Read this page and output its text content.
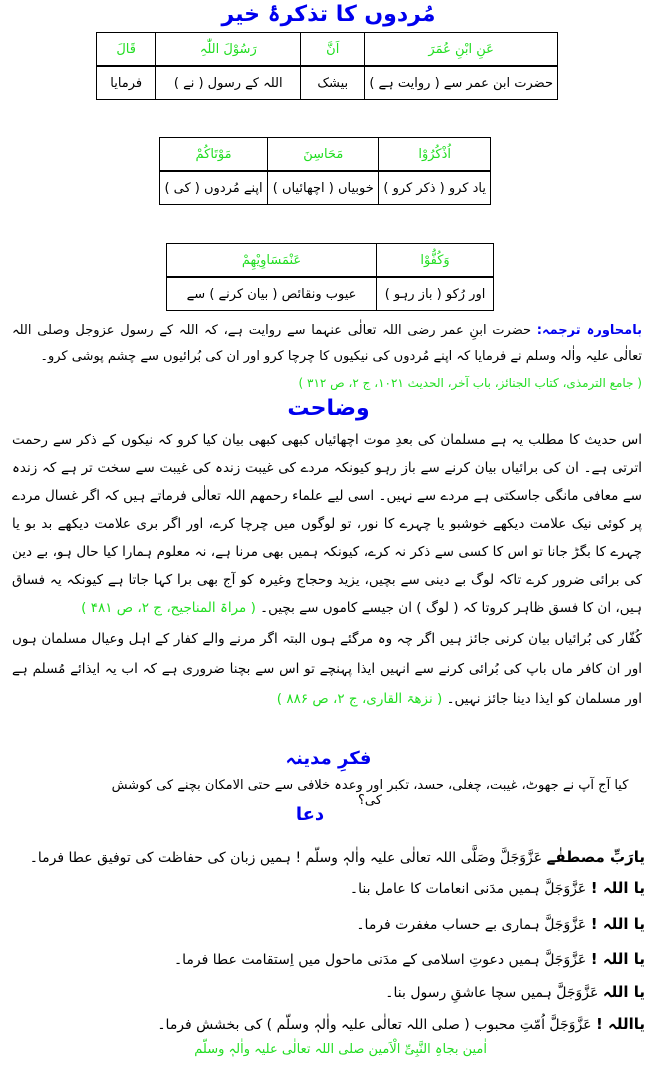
مُردوں کا تذکرۂ خیر
عَنِ ابْنِ عُمَرَ	اَنَّ	رَسُوْلَ اللّٰہِ	قَالَ
حضرت ابن عمر سے ( روایت ہے )	بیشک	اللہ کے رسول ( نے )	فرمایا
اُذْکُرُوْا	مَحَاسِنَ	مَوْتَاکُمْ
یاد کرو ( ذکر کرو )	خوبیاں ( اچھائیاں )	اپنے مُردوں ( کی )
وَکُفُّوْا	عَنْمَسَاوِیْھِمْ
اور رُکو ( باز رہو )	عیوب ونقائص ( بیان کرنے ) سے
بامحاورہ ترجمہ: حضرت ابنِ عمر رضی اللہ تعالٰی عنہما سے روایت ہے، کہ اللہ کے رسول عزوجل وصلی اللہ تعالٰی علیہ واٰلہ وسلم نے فرمایا کہ اپنے مُردوں کی نیکیوں کا چرچا کرو اور ان کی بُرائیوں سے چشم پوشی کرو۔
( جامع الترمذی، کتاب الجنائز، باب آخر، الحدیث ۱۰۲۱، ج ۲، ص ۳۱۲ )
وضاحت
اس حدیث کا مطلب یہ ہے مسلمان کی بعدِ موت اچھائیاں کبھی کبھی بیان کیا کرو کہ نیکوں کے ذکر سے رحمت اترتی ہے۔ ان کی برائیاں بیان کرنے سے باز رہو کیونکہ مردے کی غیبت زندہ کی غیبت سے سخت تر ہے کہ زندہ سے معافی مانگی جاسکتی ہے مردے سے نہیں۔ اسی لیے علماء رحمھم اللہ تعالٰی فرماتے ہیں کہ اگر غسال مردے پر کوئی نیک علامت دیکھے خوشبو یا چہرے کا نور، تو لوگوں میں چرچا کرے، اور اگر بری علامت دیکھے بد بو یا چہرے کا بگڑ جانا تو اس کا کسی سے ذکر نہ کرے، کیونکہ ہمیں بھی مرنا ہے، نہ معلوم ہمارا کیا حال ہو، بے دین کی برائی ضرور کرے تاکہ لوگ بے دینی سے بچیں، یزید وحجاج وغیرہ کو آج بھی برا کہا جاتا ہے کیونکہ یہ فساق ہیں، ان کا فسق ظاہر کروتا کہ ( لوگ ) ان جیسے کاموں سے بچیں۔ ( مراۃ المناجیح، ج ۲، ص ۴۸۱ )
کُفّار کی بُرائیاں بیان کرنی جائز ہیں اگر چہ وہ مرگئے ہوں البتہ اگر مرنے والے کفار کے اہل وعیال مسلمان ہوں اور ان کافر ماں باپ کی بُرائی کرنے سے انہیں ایذا پہنچے تو اس سے بچنا ضروری ہے کہ اب یہ ایذائے مُسلم ہے اور مسلمان کو ایذا دینا جائز نہیں۔ ( نزھۃ القاری، ج ۲، ص ۸۸۶ )
فکرِ مدینہ
کیا آج آپ نے جھوٹ، غیبت، چغلی، حسد، تکبر اور وعدہ خلافی سے حتی الامکان بچنے کی کوشش کی؟
دعا
یارَبِّ مصطفٰے عَزَّوَجَلَّ وصَلَّی اللہ تعالٰی علیہ واٰلہٖ وسلّم ! ہمیں زبان کی حفاظت کی توفیق عطا فرما۔
یا اللہ ! عَزَّوَجَلَّ ہمیں مدَنی انعامات کا عامل بنا۔
یا اللہ ! عَزَّوَجَلَّ ہماری بے حساب مغفرت فرما۔
یا اللہ ! عَزَّوَجَلَّ ہمیں دعوتِ اسلامی کے مدَنی ماحول میں اِستقامت عطا فرما۔
یا اللہ عَزَّوَجَلَّ ہمیں سچا عاشقِ رسول بنا۔
یااللہ ! عَزَّوَجَلَّ اُمّتِ محبوب ( صلی اللہ تعالٰی علیہ واٰلہٖ وسلّم ) کی بخشش فرما۔
اٰمین بجاہِ النَّبِیِّ الْاَمین صلی اللہ تعالٰی علیہ واٰلہٖ وسلّم
